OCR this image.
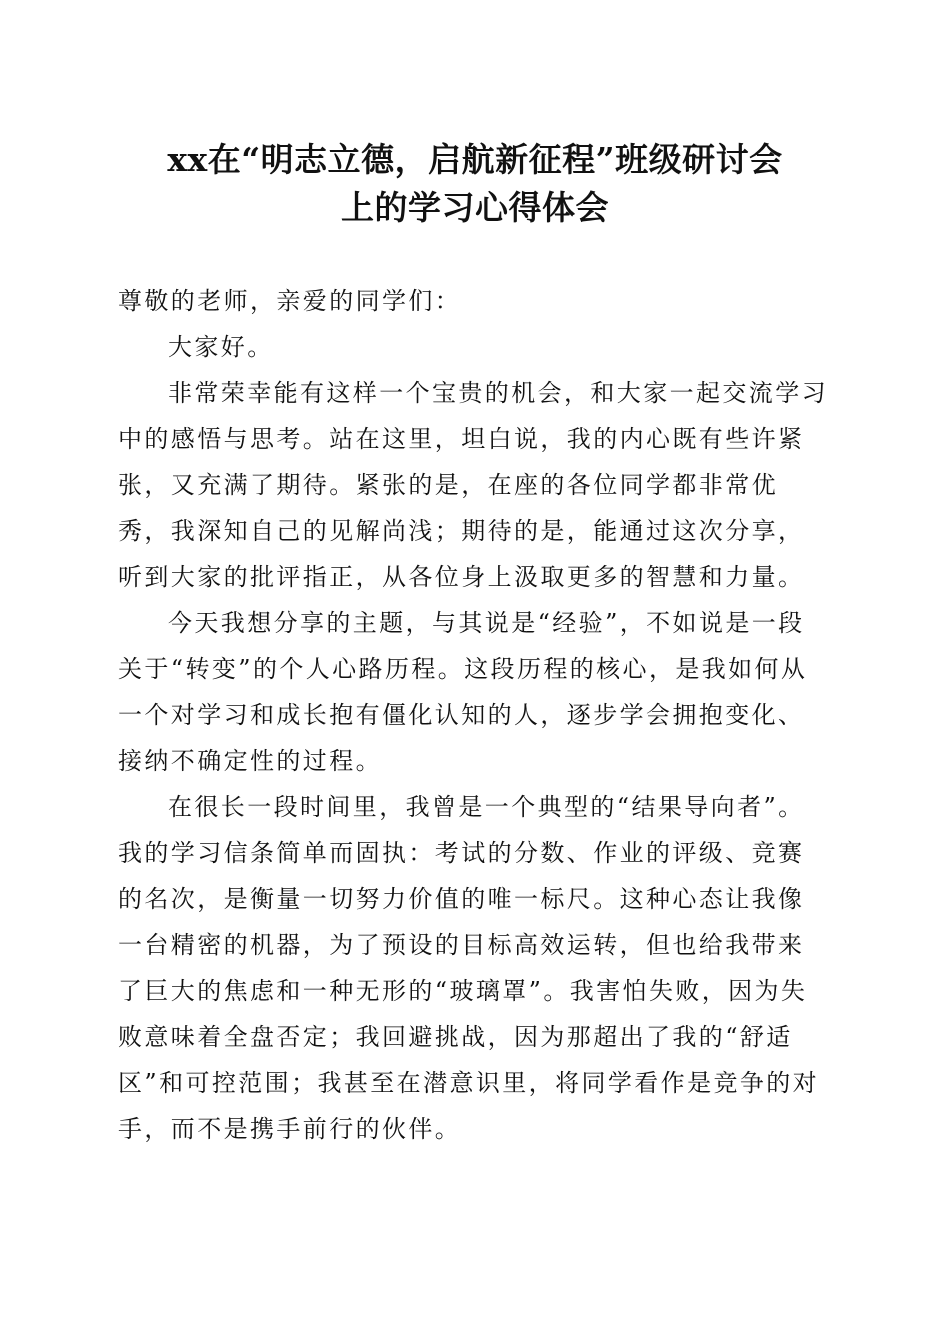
xx在“明志立德，启航新征程”班级研讨会
上的学习心得体会

尊敬的老师，亲爱的同学们：

大家好。

非常荣幸能有这样一个宝贵的机会，和大家一起交流学习中的感悟与思考。站在这里，坦白说，我的内心既有些许紧张，又充满了期待。紧张的是，在座的各位同学都非常优秀，我深知自己的见解尚浅；期待的是，能通过这次分享，听到大家的批评指正，从各位身上汲取更多的智慧和力量。

今天我想分享的主题，与其说是“经验”，不如说是一段关于“转变”的个人心路历程。这段历程的核心，是我如何从一个对学习和成长抱有僵化认知的人，逐步学会拥抱变化、接纳不确定性的过程。

在很长一段时间里，我曾是一个典型的“结果导向者”。我的学习信条简单而固执：考试的分数、作业的评级、竞赛的名次，是衡量一切努力价值的唯一标尺。这种心态让我像一台精密的机器，为了预设的目标高效运转，但也给我带来了巨大的焦虑和一种无形的“玻璃罩”。我害怕失败，因为失败意味着全盘否定；我回避挑战，因为那超出了我的“舒适区”和可控范围；我甚至在潜意识里，将同学看作是竞争的对手，而不是携手前行的伙伴。
